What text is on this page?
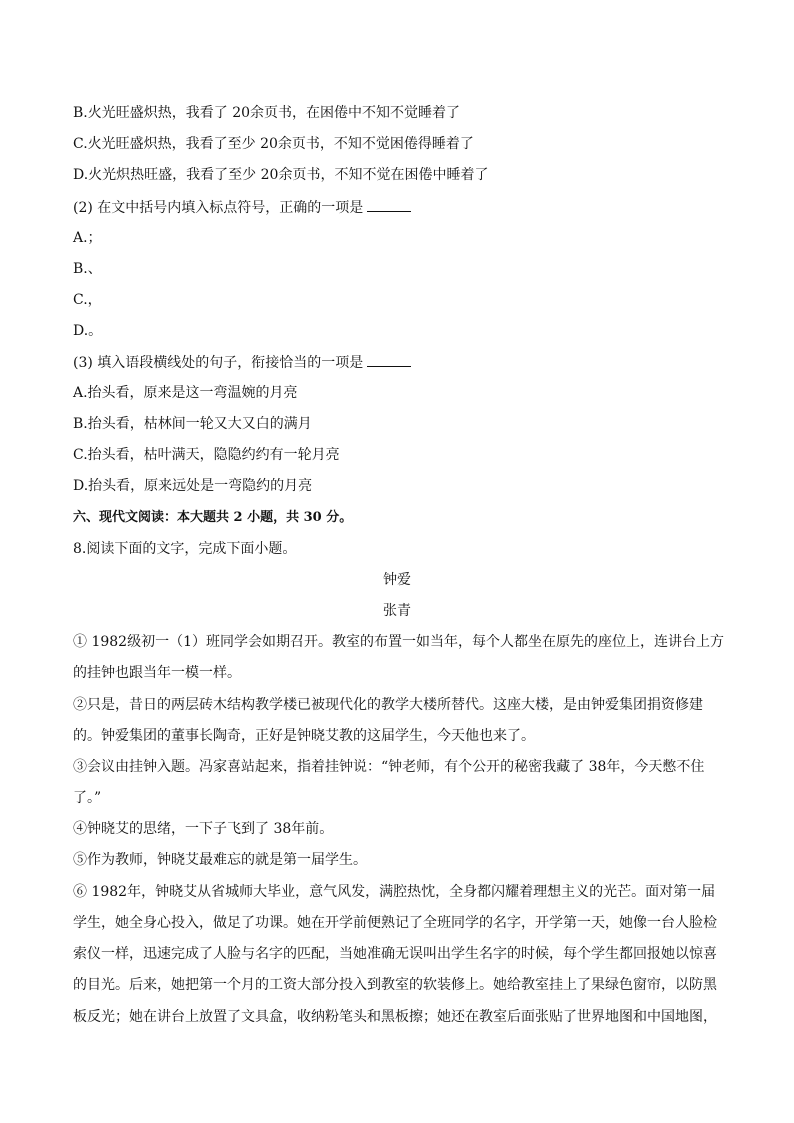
B.火光旺盛炽热，我看了 20余页书，在困倦中不知不觉睡着了
C.火光旺盛炽热，我看了至少 20余页书，不知不觉困倦得睡着了
D.火光炽热旺盛，我看了至少 20余页书，不知不觉在困倦中睡着了
(2) 在文中括号内填入标点符号，正确的一项是
A.；
B.、
C.，
D.。
(3) 填入语段横线处的句子，衔接恰当的一项是
A.抬头看，原来是这一弯温婉的月亮
B.抬头看，枯林间一轮又大又白的满月
C.抬头看，枯叶满天，隐隐约约有一轮月亮
D.抬头看，原来远处是一弯隐约的月亮
六、现代文阅读：本大题共 2 小题，共 30 分。
8.阅读下面的文字，完成下面小题。
钟爱
张青
① 1982级初一（1）班同学会如期召开。教室的布置一如当年，每个人都坐在原先的座位上，连讲台上方
的挂钟也跟当年一模一样。
②只是，昔日的两层砖木结构教学楼已被现代化的教学大楼所替代。这座大楼，是由钟爱集团捐资修建
的。钟爱集团的董事长陶奇，正好是钟晓艾教的这届学生，今天他也来了。
③会议由挂钟入题。冯家喜站起来，指着挂钟说：“钟老师，有个公开的秘密我藏了 38年，今天憋不住
了。”
④钟晓艾的思绪，一下子飞到了 38年前。
⑤作为教师，钟晓艾最难忘的就是第一届学生。
⑥ 1982年，钟晓艾从省城师大毕业，意气风发，满腔热忱，全身都闪耀着理想主义的光芒。面对第一届
学生，她全身心投入，做足了功课。她在开学前便熟记了全班同学的名字，开学第一天，她像一台人脸检
索仪一样，迅速完成了人脸与名字的匹配，当她准确无误叫出学生名字的时候，每个学生都回报她以惊喜
的目光。后来，她把第一个月的工资大部分投入到教室的软装修上。她给教室挂上了果绿色窗帘，以防黑
板反光；她在讲台上放置了文具盒，收纳粉笔头和黑板擦；她还在教室后面张贴了世界地图和中国地图，
